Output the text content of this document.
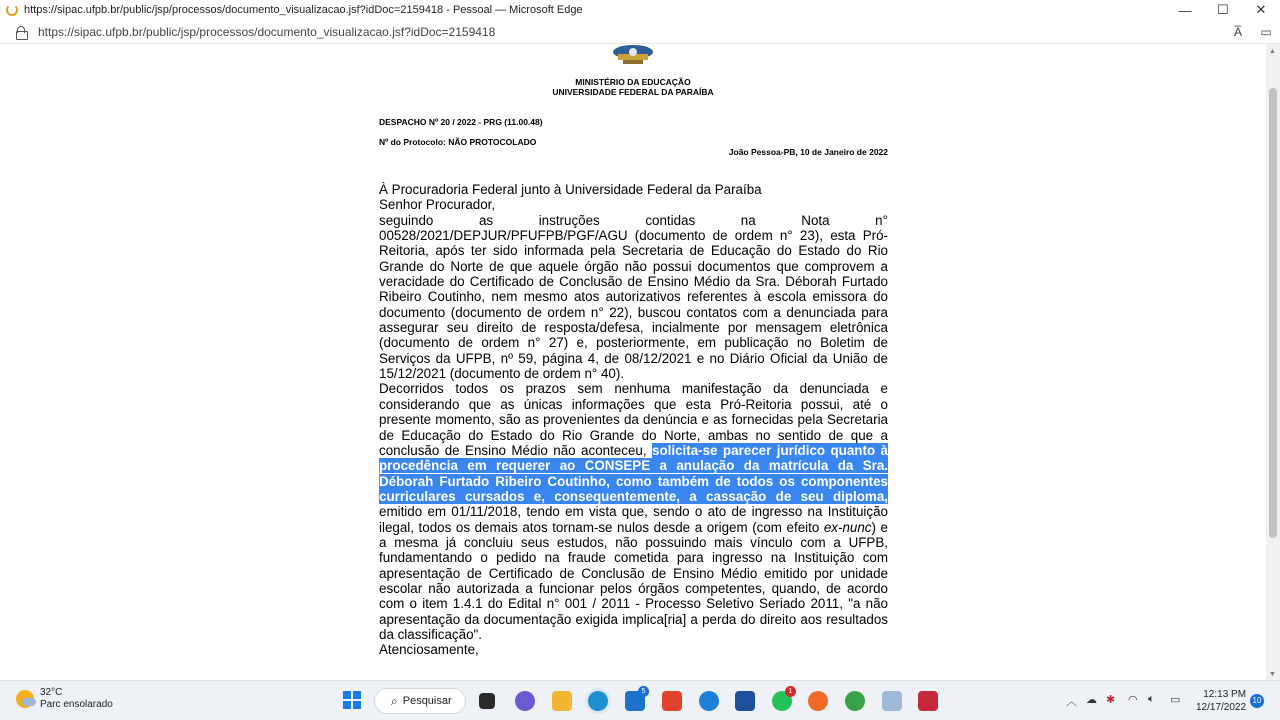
https://sipac.ufpb.br/public/jsp/processos/documento_visualizacao.jsf?idDoc=2159418 - Pessoal — Microsoft Edge	—	☐	✕
https://sipac.ufpb.br/public/jsp/processos/documento_visualizacao.jsf?idDoc=2159418	A̅	▭
MINISTÉRIO DA EDUCAÇÃO
UNIVERSIDADE FEDERAL DA PARAÍBA
DESPACHO Nº 20 / 2022 - PRG (11.00.48)
Nº do Protocolo: NÃO PROTOCOLADO
João Pessoa-PB, 10 de Janeiro de 2022

À Procuradoria Federal junto à Universidade Federal da Paraíba

Senhor Procurador,

seguindo as instruções contidas na Nota n° 00528/2021/DEPJUR/PFUFPB/PGF/AGU (documento de ordem n° 23), esta Pró-Reitoria, após ter sido informada pela Secretaria de Educação do Estado do Rio Grande do Norte de que aquele órgão não possui documentos que comprovem a veracidade do Certificado de Conclusão de Ensino Médio da Sra. Déborah Furtado Ribeiro Coutinho, nem mesmo atos autorizativos referentes à escola emissora do documento (documento de ordem n° 22), buscou contatos com a denunciada para assegurar seu direito de resposta/defesa, incialmente por mensagem eletrônica (documento de ordem n° 27) e, posteriormente, em publicação no Boletim de Serviços da UFPB, nº 59, página 4, de 08/12/2021 e no Diário Oficial da União de 15/12/2021 (documento de ordem n° 40).

Decorridos todos os prazos sem nenhuma manifestação da denunciada e considerando que as únicas informações que esta Pró-Reitoria possui, até o presente momento, são as provenientes da denúncia e as fornecidas pela Secretaria de Educação do Estado do Rio Grande do Norte, ambas no sentido de que a conclusão de Ensino Médio não aconteceu, solicita-se parecer jurídico quanto à procedência em requerer ao CONSEPE a anulação da matrícula da Sra. Déborah Furtado Ribeiro Coutinho, como também de todos os componentes curriculares cursados e, consequentemente, a cassação de seu diploma, emitido em 01/11/2018, tendo em vista que, sendo o ato de ingresso na Instituição ilegal, todos os demais atos tornam-se nulos desde a origem (com efeito ex-nunc) e a mesma já concluiu seus estudos, não possuindo mais vínculo com a UFPB, fundamentando o pedido na fraude cometida para ingresso na Instituição com apresentação de Certificado de Conclusão de Ensino Médio emitido por unidade escolar não autorizada a funcionar pelos órgãos competentes, quando, de acordo com o item 1.4.1 do Edital n° 001 / 2011 - Processo Seletivo Seriado 2011, "a não apresentação da documentação exigida implica[ria] a perda do direito aos resultados da classificação".

Atenciosamente,

▲
▼
32°C
Parc ensolarado	⌕ Pesquisar
5	1
︿ ☁ ✱ ◠ 🔈︎ ▭	12:13 PM
12/17/2022
10
